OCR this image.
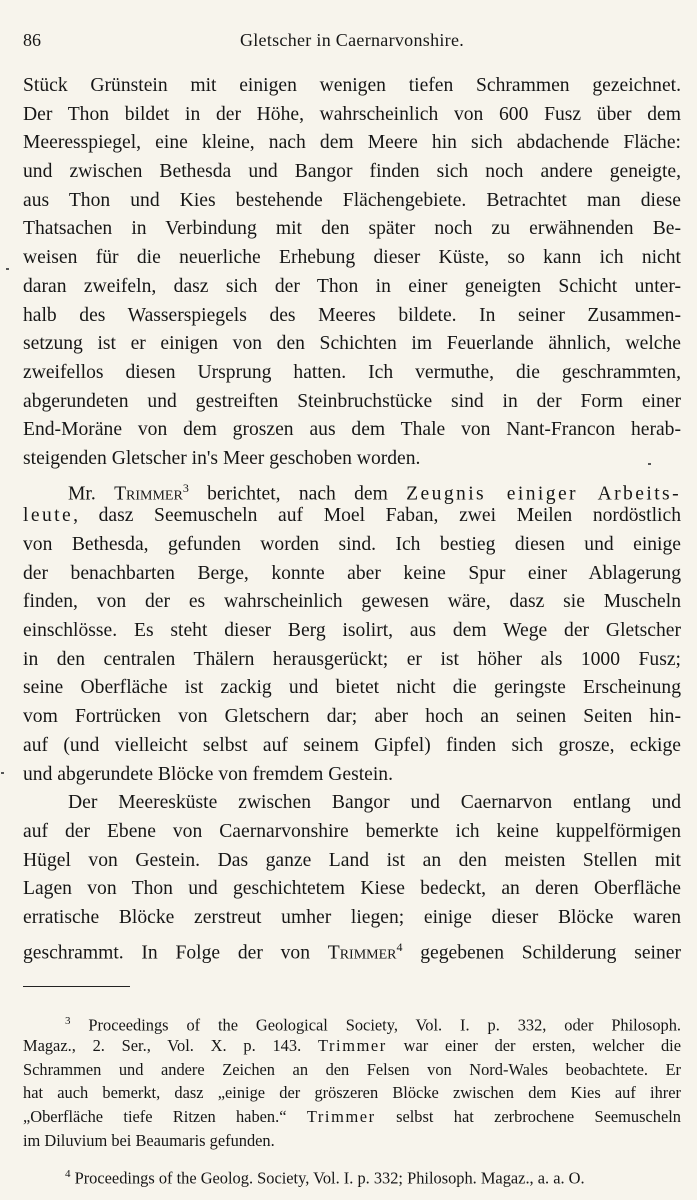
86	Gletscher in Caernarvonshire.
Stück Grünstein mit einigen wenigen tiefen Schrammen gezeichnet.
Der Thon bildet in der Höhe, wahrscheinlich von 600 Fusz über dem
Meeresspiegel, eine kleine, nach dem Meere hin sich abdachende Fläche:
und zwischen Bethesda und Bangor finden sich noch andere geneigte,
aus Thon und Kies bestehende Flächengebiete. Betrachtet man diese
Thatsachen in Verbindung mit den später noch zu erwähnenden Be-
weisen für die neuerliche Erhebung dieser Küste, so kann ich nicht
daran zweifeln, dasz sich der Thon in einer geneigten Schicht unter-
halb des Wasserspiegels des Meeres bildete. In seiner Zusammen-
setzung ist er einigen von den Schichten im Feuerlande ähnlich, welche
zweifellos diesen Ursprung hatten. Ich vermuthe, die geschrammten,
abgerundeten und gestreiften Steinbruchstücke sind in der Form einer
End-Moräne von dem groszen aus dem Thale von Nant-Francon herab-
steigenden Gletscher in's Meer geschoben worden.
Mr. Trimmer$^3$ berichtet, nach dem Zeugnis einiger Arbeits-
leute, dasz Seemuscheln auf Moel Faban, zwei Meilen nordöstlich
von Bethesda, gefunden worden sind. Ich bestieg diesen und einige
der benachbarten Berge, konnte aber keine Spur einer Ablagerung
finden, von der es wahrscheinlich gewesen wäre, dasz sie Muscheln
einschlösse. Es steht dieser Berg isolirt, aus dem Wege der Gletscher
in den centralen Thälern herausgerückt; er ist höher als 1000 Fusz;
seine Oberfläche ist zackig und bietet nicht die geringste Erscheinung
vom Fortrücken von Gletschern dar; aber hoch an seinen Seiten hin-
auf (und vielleicht selbst auf seinem Gipfel) finden sich grosze, eckige
und abgerundete Blöcke von fremdem Gestein.
Der Meeresküste zwischen Bangor und Caernarvon entlang und
auf der Ebene von Caernarvonshire bemerkte ich keine kuppelförmigen
Hügel von Gestein. Das ganze Land ist an den meisten Stellen mit
Lagen von Thon und geschichtetem Kiese bedeckt, an deren Oberfläche
erratische Blöcke zerstreut umher liegen; einige dieser Blöcke waren
geschrammt. In Folge der von Trimmer$^4$ gegebenen Schilderung seiner
$^3$ Proceedings of the Geological Society, Vol. I. p. 332, oder Philosoph.
Magaz., 2. Ser., Vol. X. p. 143. Trimmer war einer der ersten, welcher die
Schrammen und andere Zeichen an den Felsen von Nord-Wales beobachtete. Er
hat auch bemerkt, dasz „einige der gröszeren Blöcke zwischen dem Kies auf ihrer
„Oberfläche tiefe Ritzen haben.“ Trimmer selbst hat zerbrochene Seemuscheln
im Diluvium bei Beaumaris gefunden.
$^4$ Proceedings of the Geolog. Society, Vol. I. p. 332; Philosoph. Magaz., a. a. O.
